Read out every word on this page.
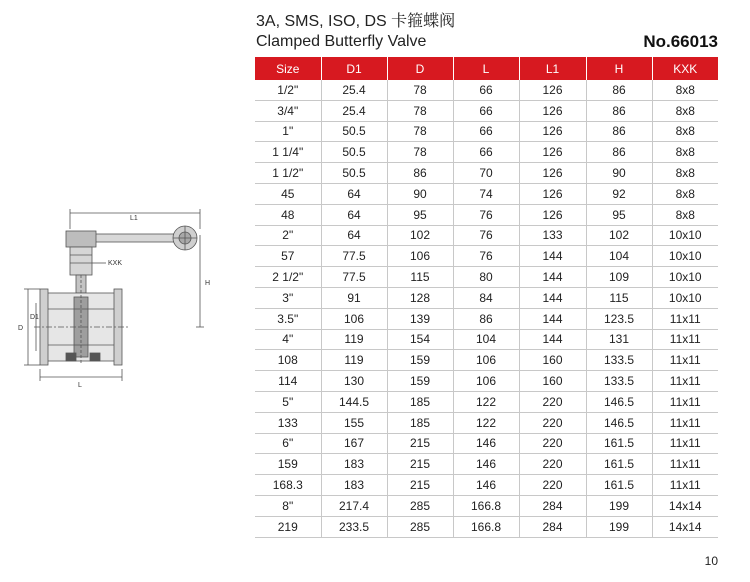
3A, SMS, ISO, DS 卡箍蝶阀
Clamped Butterfly Valve	No.66013
L1
KXK
H
D
D1
L
Size	D1	D	L	L1	H	KXK
1/2"	25.4	78	66	126	86	8x8
3/4"	25.4	78	66	126	86	8x8
1"	50.5	78	66	126	86	8x8
1 1/4"	50.5	78	66	126	86	8x8
1 1/2"	50.5	86	70	126	90	8x8
45	64	90	74	126	92	8x8
48	64	95	76	126	95	8x8
2"	64	102	76	133	102	10x10
57	77.5	106	76	144	104	10x10
2 1/2"	77.5	115	80	144	109	10x10
3"	91	128	84	144	115	10x10
3.5"	106	139	86	144	123.5	11x11
4"	119	154	104	144	131	11x11
108	119	159	106	160	133.5	11x11
114	130	159	106	160	133.5	11x11
5"	144.5	185	122	220	146.5	11x11
133	155	185	122	220	146.5	11x11
6"	167	215	146	220	161.5	11x11
159	183	215	146	220	161.5	11x11
168.3	183	215	146	220	161.5	11x11
8"	217.4	285	166.8	284	199	14x14
219	233.5	285	166.8	284	199	14x14
10
